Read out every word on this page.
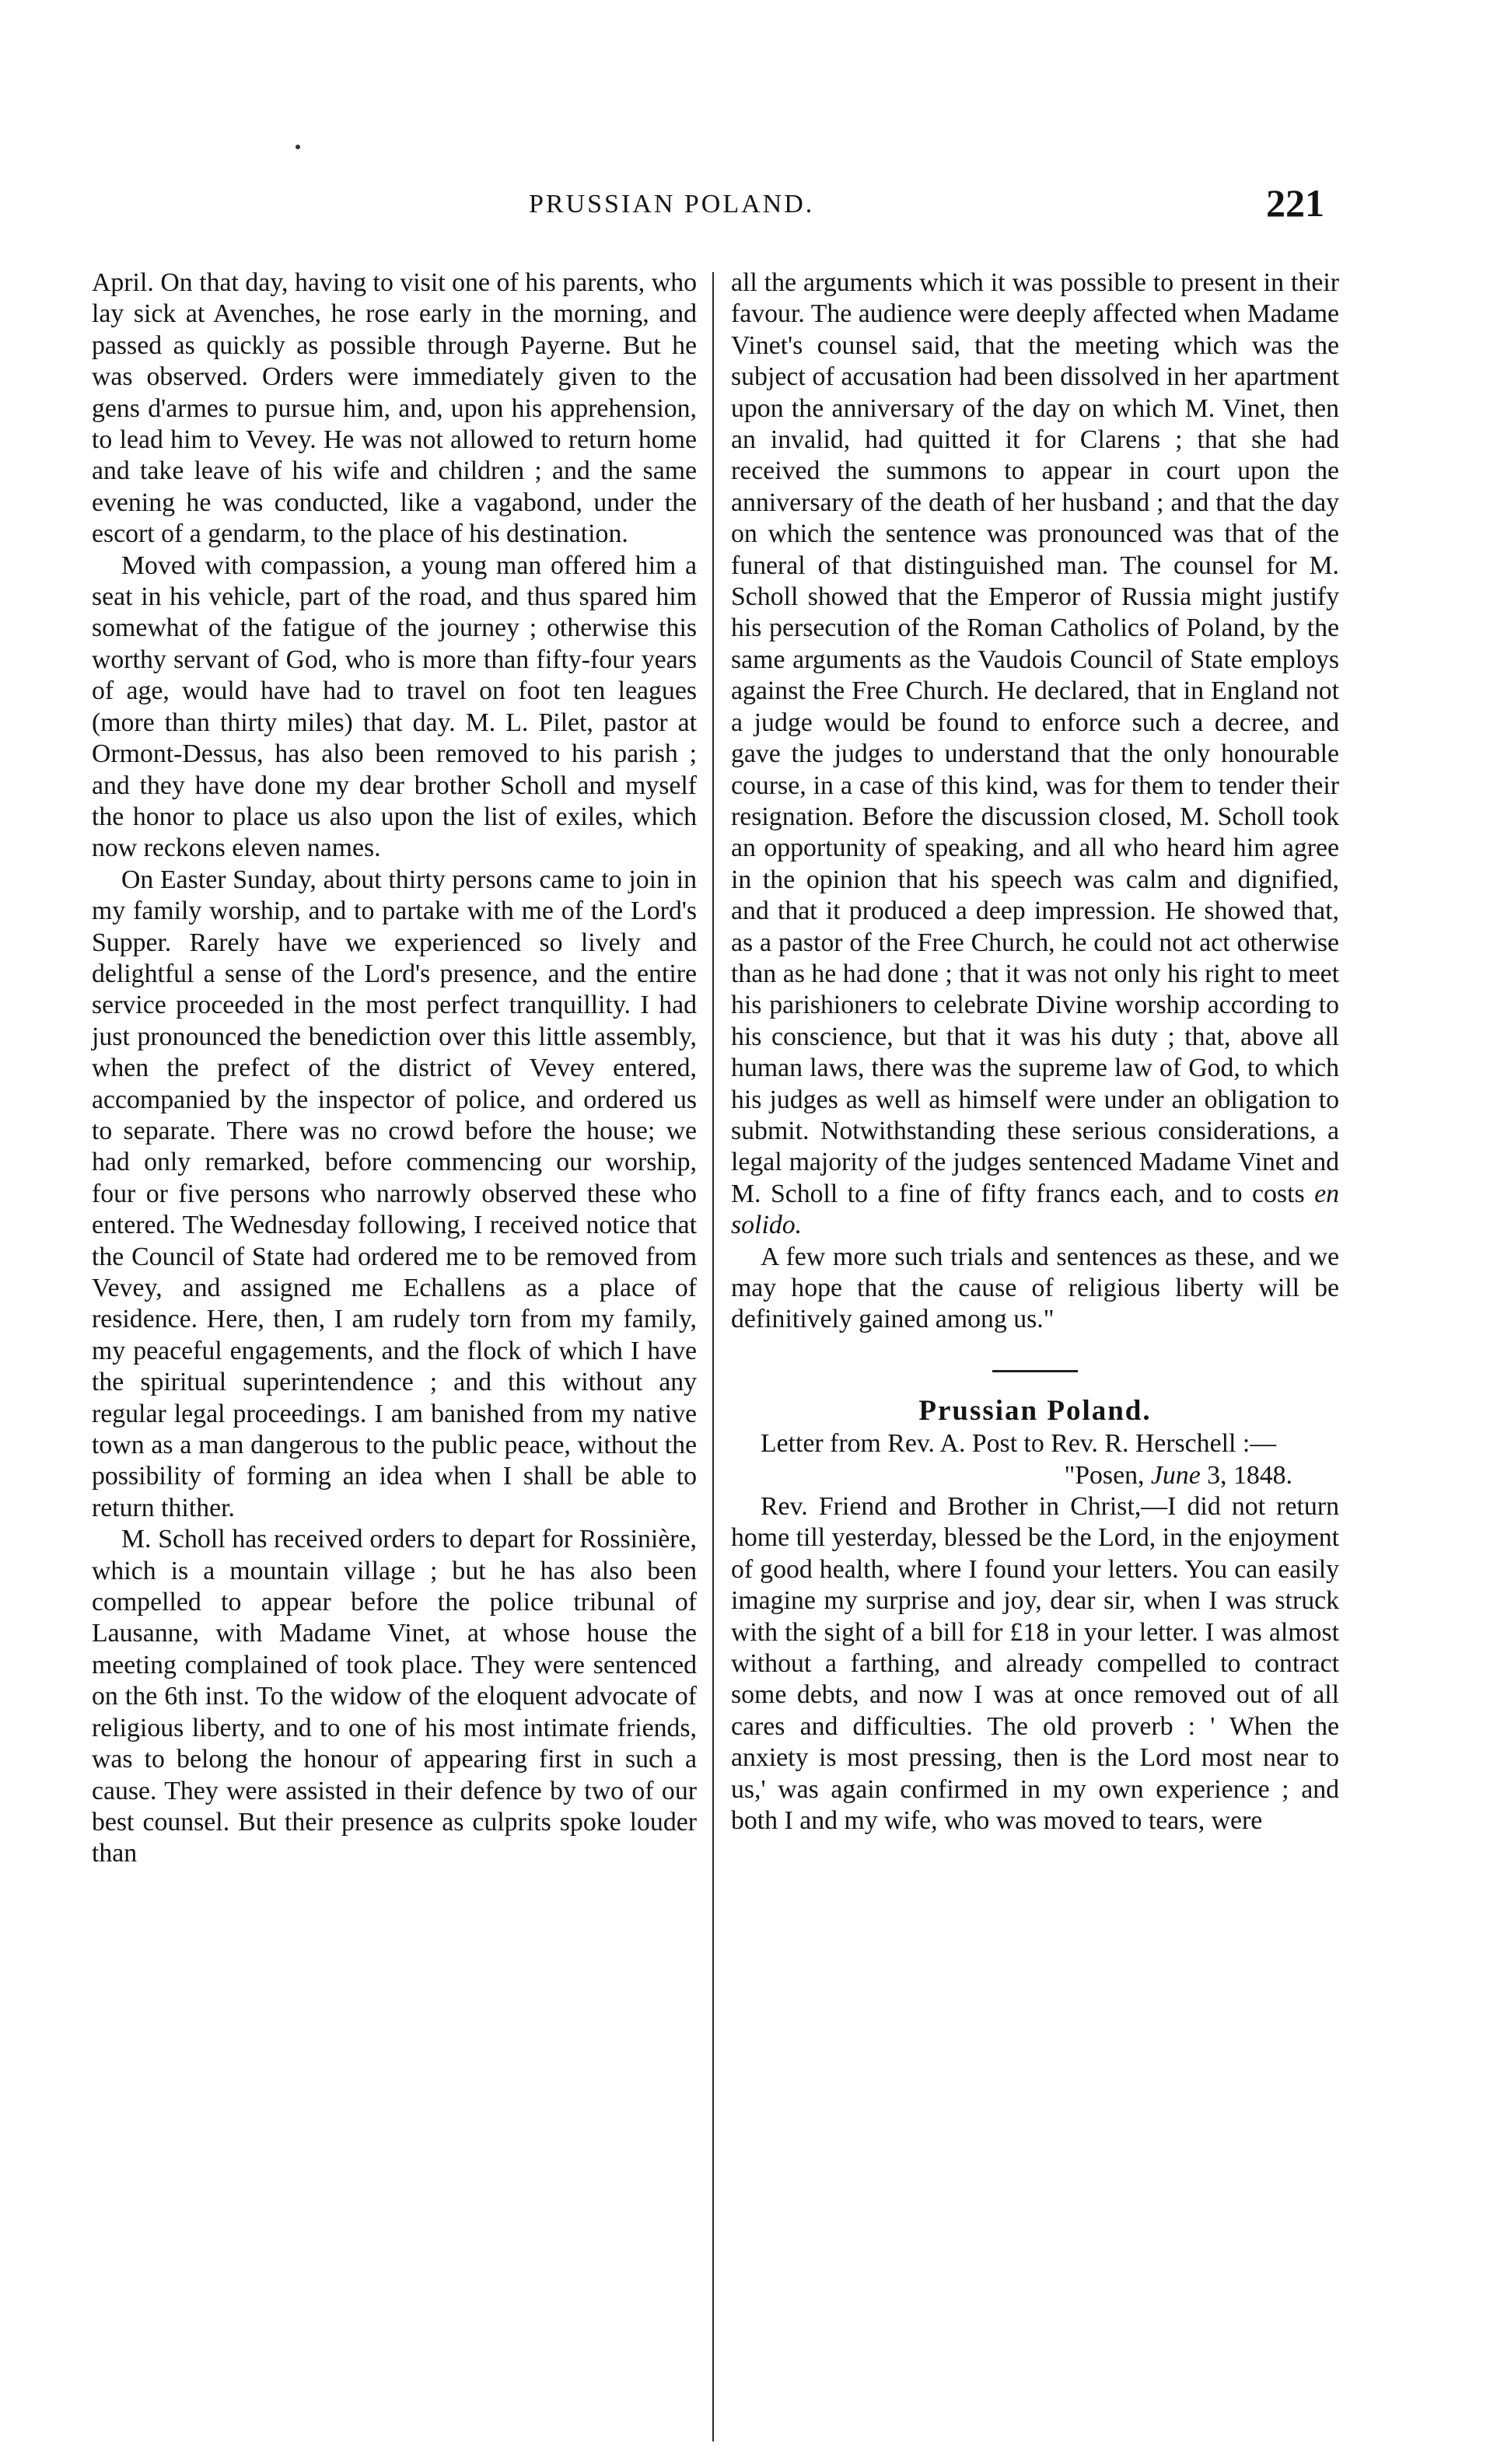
PRUSSIAN POLAND.	221

April. On that day, having to visit one of his parents, who lay sick at Avenches, he rose early in the morning, and passed as quickly as possible through Payerne. But he was observed. Orders were immediately given to the gens d'armes to pursue him, and, upon his apprehension, to lead him to Vevey. He was not allowed to return home and take leave of his wife and children ; and the same evening he was conducted, like a vagabond, under the escort of a gendarm, to the place of his destination.

Moved with compassion, a young man offered him a seat in his vehicle, part of the road, and thus spared him somewhat of the fatigue of the journey ; otherwise this worthy servant of God, who is more than fifty-four years of age, would have had to travel on foot ten leagues (more than thirty miles) that day. M. L. Pilet, pastor at Ormont-Dessus, has also been removed to his parish ; and they have done my dear brother Scholl and myself the honor to place us also upon the list of exiles, which now reckons eleven names.

On Easter Sunday, about thirty persons came to join in my family worship, and to partake with me of the Lord's Supper. Rarely have we experienced so lively and delightful a sense of the Lord's presence, and the entire service proceeded in the most perfect tranquillity. I had just pronounced the benediction over this little assembly, when the prefect of the district of Vevey entered, accompanied by the inspector of police, and ordered us to separate. There was no crowd before the house; we had only remarked, before commencing our worship, four or five persons who narrowly observed these who entered. The Wednesday following, I received notice that the Council of State had ordered me to be removed from Vevey, and assigned me Echallens as a place of residence. Here, then, I am rudely torn from my family, my peaceful engagements, and the flock of which I have the spiritual superintendence ; and this without any regular legal proceedings. I am banished from my native town as a man dangerous to the public peace, without the possibility of forming an idea when I shall be able to return thither.

M. Scholl has received orders to depart for Rossinière, which is a mountain village ; but he has also been compelled to appear before the police tribunal of Lausanne, with Madame Vinet, at whose house the meeting complained of took place. They were sentenced on the 6th inst. To the widow of the eloquent advocate of religious liberty, and to one of his most intimate friends, was to belong the honour of appearing first in such a cause. They were assisted in their defence by two of our best counsel. But their presence as culprits spoke louder than

all the arguments which it was possible to present in their favour. The audience were deeply affected when Madame Vinet's counsel said, that the meeting which was the subject of accusation had been dissolved in her apartment upon the anniversary of the day on which M. Vinet, then an invalid, had quitted it for Clarens ; that she had received the summons to appear in court upon the anniversary of the death of her husband ; and that the day on which the sentence was pronounced was that of the funeral of that distinguished man. The counsel for M. Scholl showed that the Emperor of Russia might justify his persecution of the Roman Catholics of Poland, by the same arguments as the Vaudois Council of State employs against the Free Church. He declared, that in England not a judge would be found to enforce such a decree, and gave the judges to understand that the only honourable course, in a case of this kind, was for them to tender their resignation. Before the discussion closed, M. Scholl took an opportunity of speaking, and all who heard him agree in the opinion that his speech was calm and dignified, and that it produced a deep impression. He showed that, as a pastor of the Free Church, he could not act otherwise than as he had done ; that it was not only his right to meet his parishioners to celebrate Divine worship according to his conscience, but that it was his duty ; that, above all human laws, there was the supreme law of God, to which his judges as well as himself were under an obligation to submit. Notwithstanding these serious considerations, a legal majority of the judges sentenced Madame Vinet and M. Scholl to a fine of fifty francs each, and to costs en solido.

A few more such trials and sentences as these, and we may hope that the cause of religious liberty will be definitively gained among us."

Prussian Poland.

Letter from Rev. A. Post to Rev. R. Herschell :—

"Posen, June 3, 1848.

Rev. Friend and Brother in Christ,—I did not return home till yesterday, blessed be the Lord, in the enjoyment of good health, where I found your letters. You can easily imagine my surprise and joy, dear sir, when I was struck with the sight of a bill for £18 in your letter. I was almost without a farthing, and already compelled to contract some debts, and now I was at once removed out of all cares and difficulties. The old proverb : ' When the anxiety is most pressing, then is the Lord most near to us,' was again confirmed in my own experience ; and both I and my wife, who was moved to tears, were
